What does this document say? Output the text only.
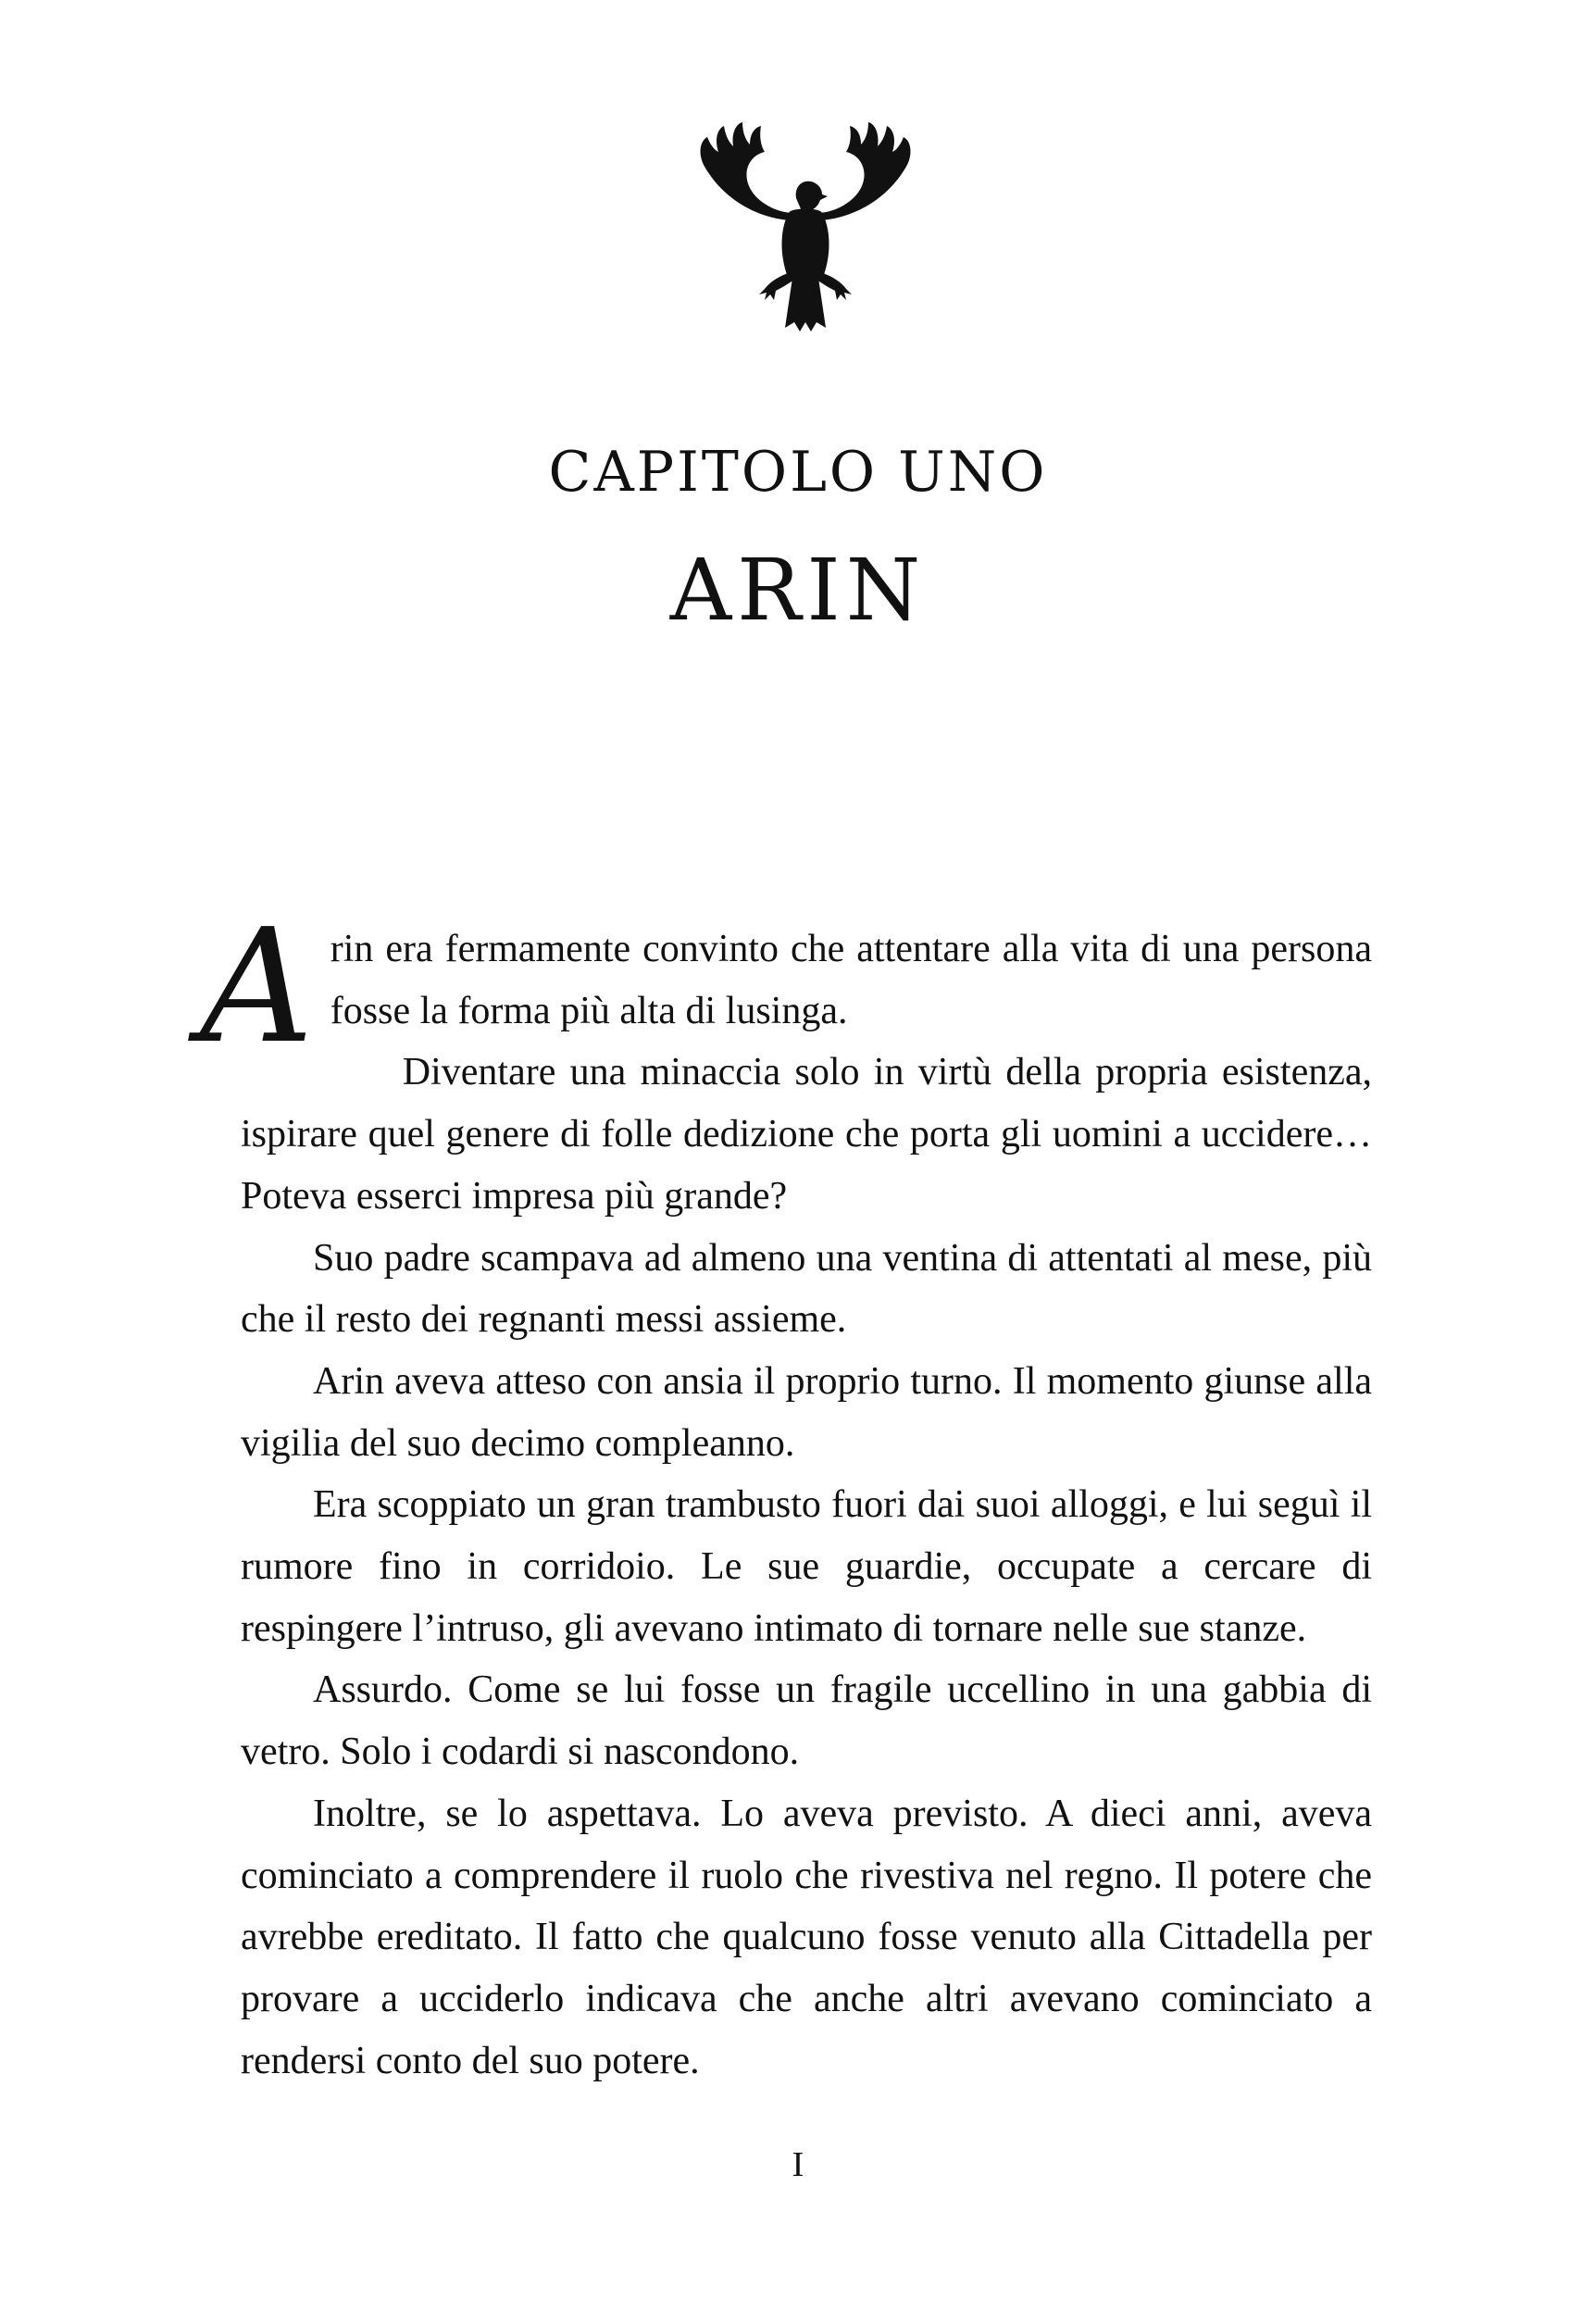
CAPITOLO UNO
ARIN

Arin era fermamente convinto che attentare alla vita di una persona fosse la forma più alta di lusinga.

Diventare una minaccia solo in virtù della propria esistenza, ispirare quel genere di folle dedizione che porta gli uomini a uccidere… Poteva esserci impresa più grande?

Suo padre scampava ad almeno una ventina di attentati al mese, più che il resto dei regnanti messi assieme.

Arin aveva atteso con ansia il proprio turno. Il momento giunse alla vigilia del suo decimo compleanno.

Era scoppiato un gran trambusto fuori dai suoi alloggi, e lui seguì il rumore fino in corridoio. Le sue guardie, occupate a cercare di respingere l’intruso, gli avevano intimato di tornare nelle sue stanze.

Assurdo. Come se lui fosse un fragile uccellino in una gabbia di vetro. Solo i codardi si nascondono.

Inoltre, se lo aspettava. Lo aveva previsto. A dieci anni, aveva cominciato a comprendere il ruolo che rivestiva nel regno. Il potere che avrebbe ereditato. Il fatto che qualcuno fosse venuto alla Cittadella per provare a ucciderlo indicava che anche altri avevano cominciato a rendersi conto del suo potere.

I
